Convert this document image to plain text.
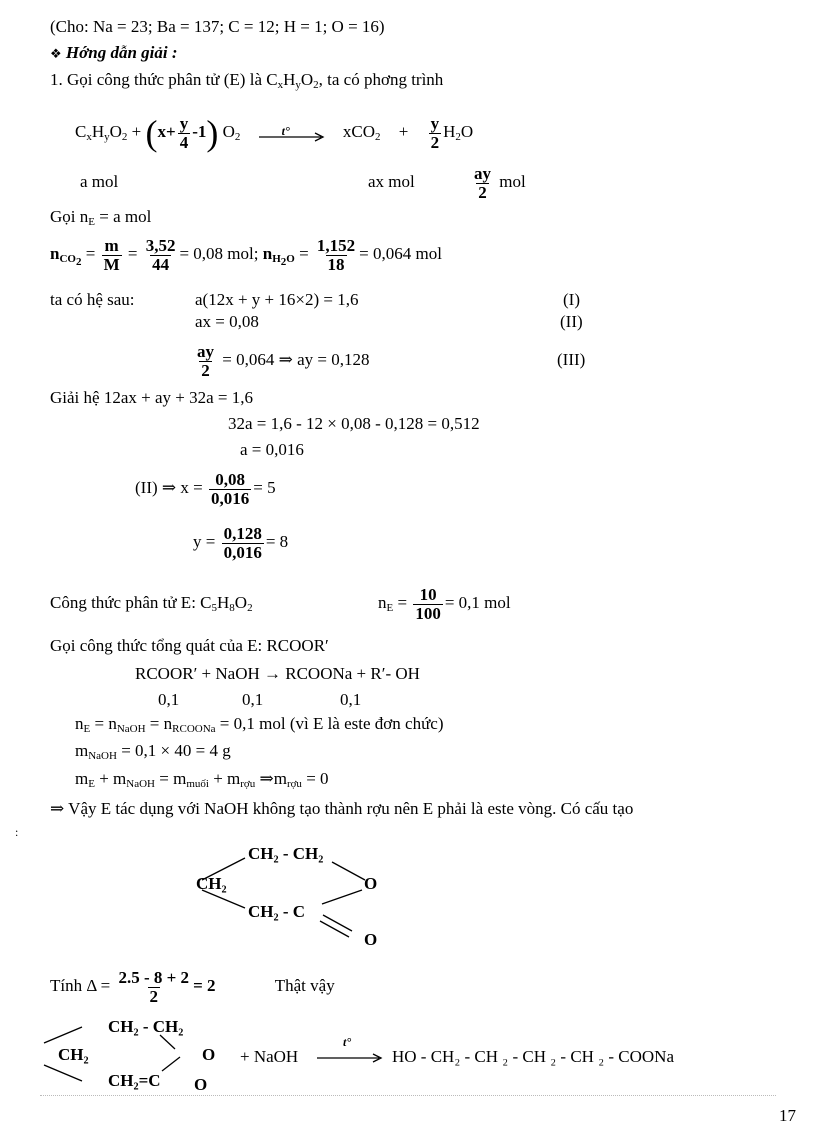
(Cho: Na = 23; Ba = 137; C = 12; H = 1; O = 16)
❖ Hớng dẫn giải :
1. Gọi công thức phân tử (E) là $C_xH_yO_2$, ta có phơng trình
$C_xH_yO_2 + (x+ \frac{y}{4} -1)$ $O_2$	t°	$xCO_2 + \frac{y}{2} H_2O$
a mol	ax mol	$\frac{ay}{2}$ mol
Gọi $n_E = a$ mol
$n_{CO_2} = \frac{m}{M} = \frac{3,52}{44} = 0,08$ mol; $n_{H_2O} = \frac{1,152}{18} = 0,064$ mol
ta có hệ sau:	a(12x + y + 16×2) = 1,6	(I)
ax = 0,08	(II)
$\frac{ay}{2} = 0,064$ ⇒ ay = 0,128	(III)
Giải hệ 12ax + ay + 32a = 1,6
32a = 1,6 - 12 × 0,08 - 0,128 = 0,512
a = 0,016
(II) ⇒ $x = \frac{0,08}{0,016} = 5$
$y = \frac{0,128}{0,016} = 8$
Công thức phân tử E: $C_5H_8O_2$	$n_E = \frac{10}{100} = 0,1$ mol
Gọi công thức tổng quát của E: RCOOR′
RCOOR′ + NaOH → RCOONa + R′- OH
0,1	0,1	0,1
$n_E = n_{NaOH} = n_{RCOONa} = 0,1$ mol (vì E là este đơn chức)
$m_{NaOH} = 0,1 \times 40 = 4$ g
$m_E + m_{NaOH} = m_{muối} + m_{rợu}$ $\Rightarrow m_{rợu} = 0$
⇒ Vậy E tác dụng với NaOH không tạo thành rợu nên E phải là este vòng. Có cấu tạo
:
CH₂ - CH₂
CH₂	O
CH₂ - C
O
Tính $\Delta = \frac{2.5 - 8 + 2}{2} = 2$	Thật vậy
CH₂ - CH₂
CH₂	O
CH₂=C O
+ NaOH
t°
HO - CH₂ - CH ₂ - CH ₂ - CH ₂ - COONa
17
